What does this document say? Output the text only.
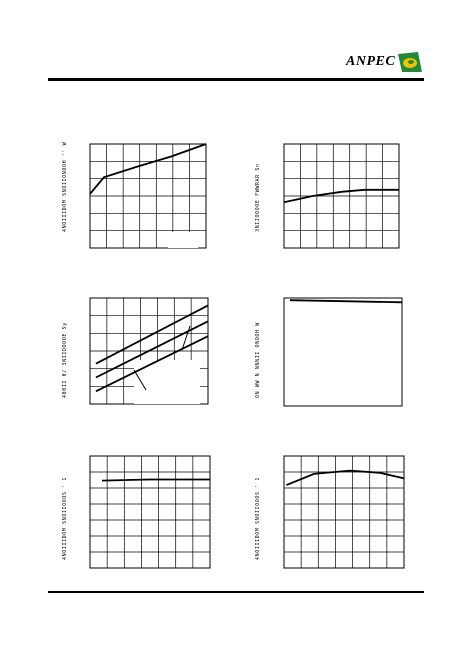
ANPEC
4NOIIIDOM SNOIIONOOH '' W
400II 0/ 3NIIOOOOE Sy
4NOIIIDOM SNOIIOOOS ' 1
3NIIOOOOE FWWRAR Sn
ON WW N NNNII ONOOH W
4NOIIIDOM SNOIIOOOS ' 1
